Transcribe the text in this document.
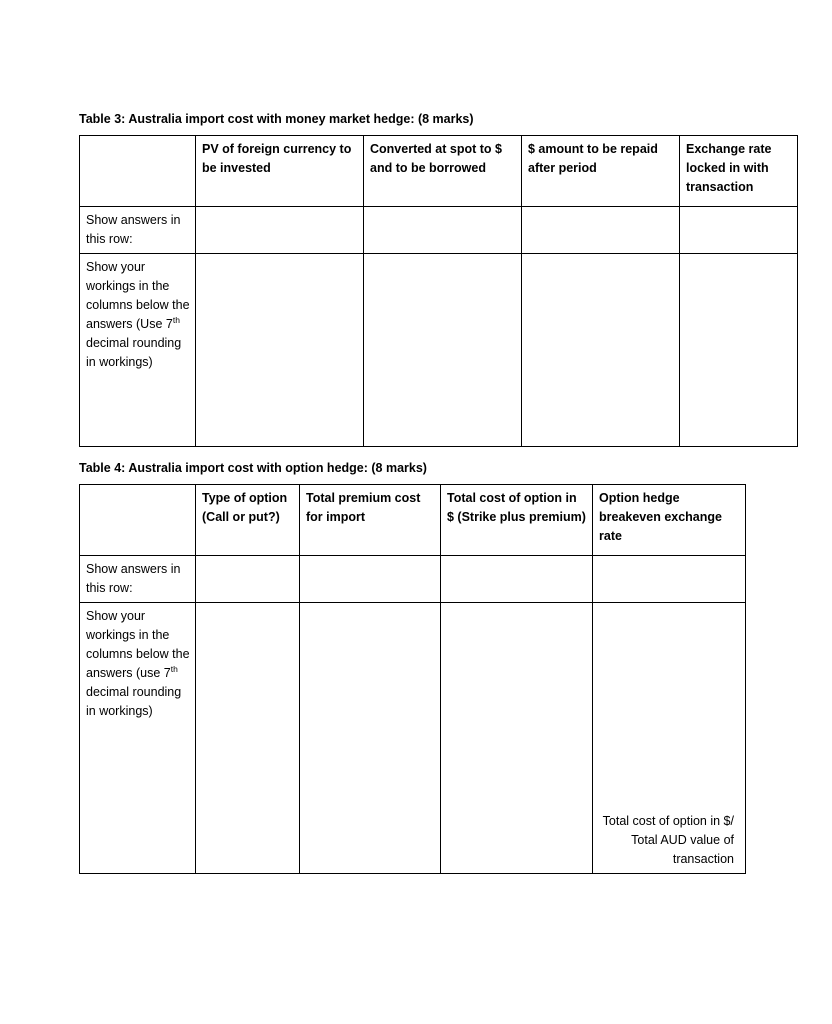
Table 3: Australia import cost with money market hedge: (8 marks)
	PV of foreign currency to be invested	Converted at spot to $ and to be borrowed	$ amount to be repaid after period	Exchange rate locked in with transaction
Show answers in this row:				
Show your workings in the columns below the answers (Use 7th decimal rounding in workings)				
Table 4: Australia import cost with option hedge: (8 marks)
	Type of option (Call or put?)	Total premium cost for import	Total cost of option in $ (Strike plus premium)	Option hedge breakeven exchange rate
Show answers in this row:				
Show your workings in the columns below the answers (use 7th decimal rounding in workings)				Total cost of option in $/ Total AUD value of transaction
